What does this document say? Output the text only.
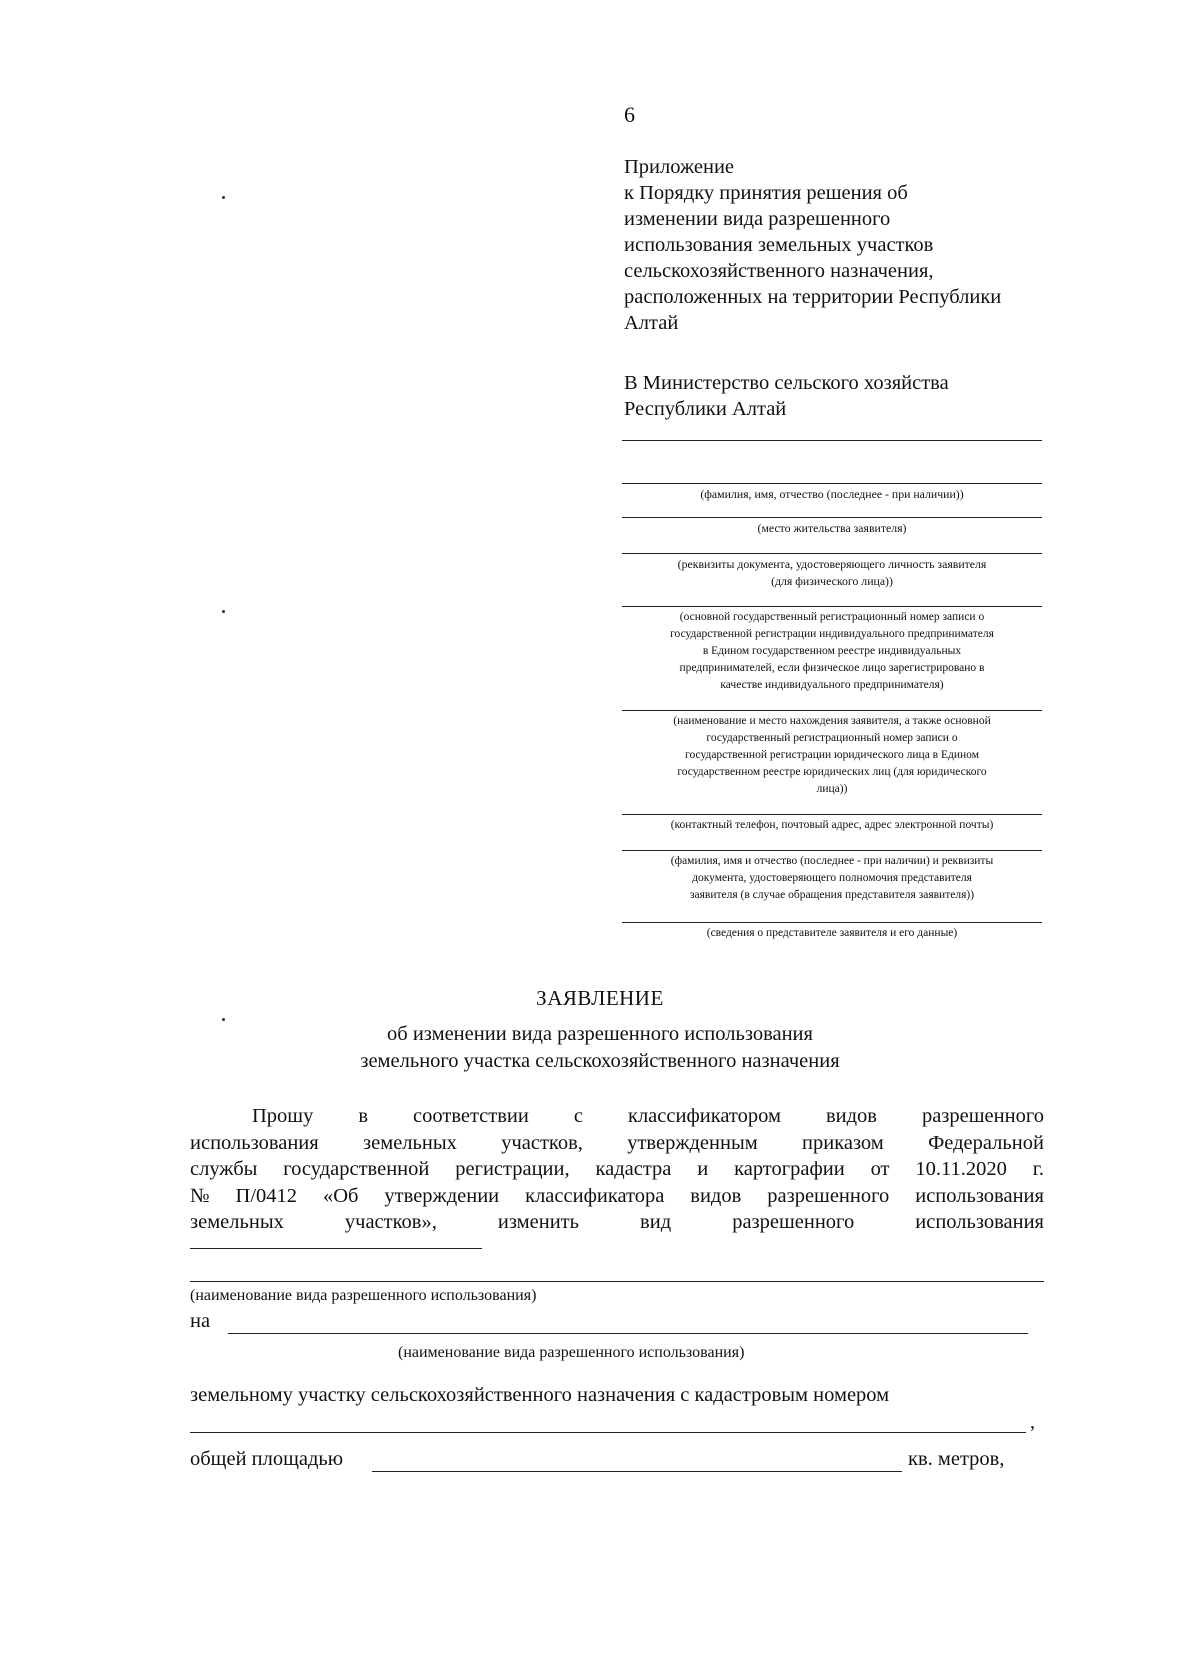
6
Приложение
к Порядку принятия решения об
изменении вида разрешенного
использования земельных участков
сельскохозяйственного назначения,
расположенных на территории Республики
Алтай
В Министерство сельского хозяйства
Республики Алтай
(фамилия, имя, отчество (последнее - при наличии))
(место жительства заявителя)
(реквизиты документа, удостоверяющего личность заявителя
(для физического лица))
(основной государственный регистрационный номер записи о
государственной регистрации индивидуального предпринимателя
в Едином государственном реестре индивидуальных
предпринимателей, если физическое лицо зарегистрировано в
качестве индивидуального предпринимателя)
(наименование и место нахождения заявителя, а также основной
государственный регистрационный номер записи о
государственной регистрации юридического лица в Едином
государственном реестре юридических лиц (для юридического
лица))
(контактный телефон, почтовый адрес, адрес электронной почты)
(фамилия, имя и отчество (последнее - при наличии) и реквизиты
документа, удостоверяющего полномочия представителя
заявителя (в случае обращения представителя заявителя))
(сведения о представителе заявителя и его данные)
ЗАЯВЛЕНИЕ
об изменении вида разрешенного использования
земельного участка сельскохозяйственного назначения
Прошу в соответствии с классификатором видов разрешенного
использования земельных участков, утвержденным приказом Федеральной
службы государственной регистрации, кадастра и картографии от 10.11.2020 г.
№ П/0412 «Об утверждении классификатора видов разрешенного использования
земельных	участков»,	изменить	вид	разрешенного	использования
(наименование вида разрешенного использования)
на
(наименование вида разрешенного использования)
земельному участку сельскохозяйственного назначения с кадастровым номером
,
общей площадью	кв. метров,
